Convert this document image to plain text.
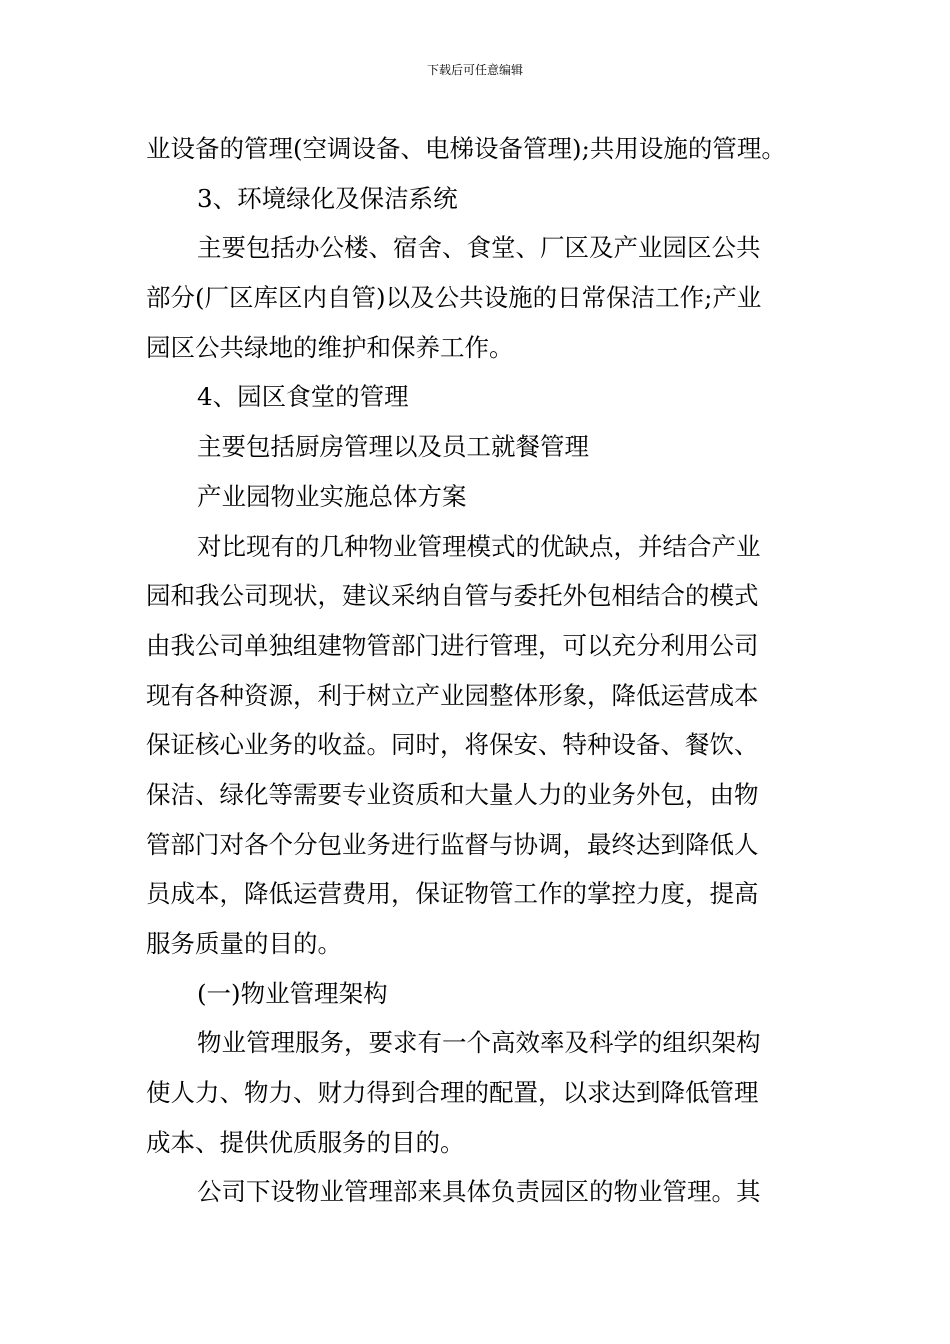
下载后可任意编辑
业设备的管理(空调设备、电梯设备管理);共用设施的管理。
3、环境绿化及保洁系统
主要包括办公楼、宿舍、食堂、厂区及产业园区公共
部分(厂区库区内自管)以及公共设施的日常保洁工作;产业
园区公共绿地的维护和保养工作。
4、园区食堂的管理
主要包括厨房管理以及员工就餐管理
产业园物业实施总体方案
对比现有的几种物业管理模式的优缺点，并结合产业
园和我公司现状，建议采纳自管与委托外包相结合的模式
由我公司单独组建物管部门进行管理，可以充分利用公司
现有各种资源，利于树立产业园整体形象，降低运营成本
保证核心业务的收益。同时，将保安、特种设备、餐饮、
保洁、绿化等需要专业资质和大量人力的业务外包，由物
管部门对各个分包业务进行监督与协调，最终达到降低人
员成本，降低运营费用，保证物管工作的掌控力度，提高
服务质量的目的。
(一)物业管理架构
物业管理服务，要求有一个高效率及科学的组织架构
使人力、物力、财力得到合理的配置，以求达到降低管理
成本、提供优质服务的目的。
公司下设物业管理部来具体负责园区的物业管理。其
